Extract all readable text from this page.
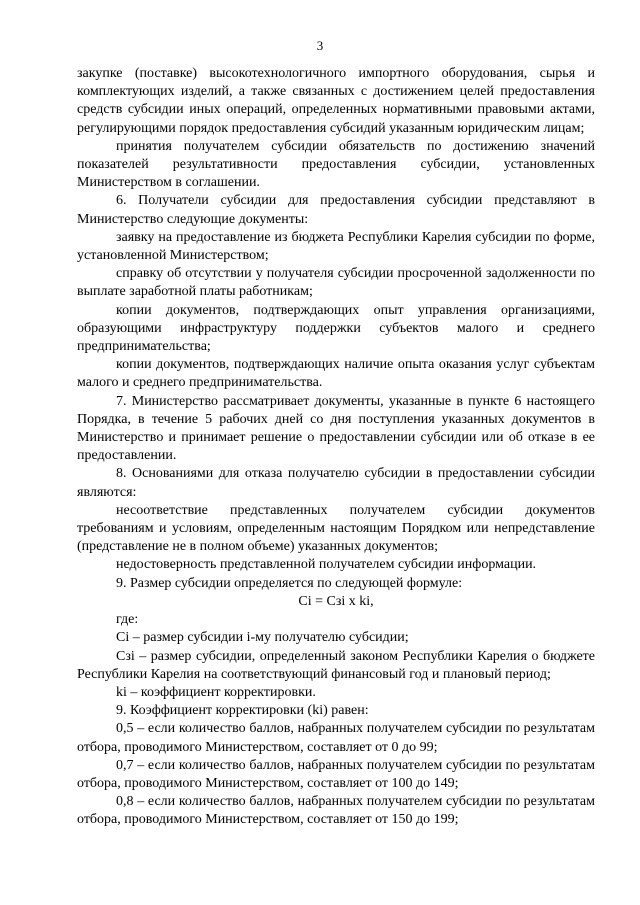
3

закупке (поставке) высокотехнологичного импортного оборудования, сырья и комплектующих изделий, а также связанных с достижением целей предоставления средств субсидии иных операций, определенных нормативными правовыми актами, регулирующими порядок предоставления субсидий указанным юридическим лицам;

принятия получателем субсидии обязательств по достижению значений показателей результативности предоставления субсидии, установленных Министерством в соглашении.

6. Получатели субсидии для предоставления субсидии представляют в Министерство следующие документы:

заявку на предоставление из бюджета Республики Карелия субсидии по форме, установленной Министерством;

справку об отсутствии у получателя субсидии просроченной задолженности по выплате заработной платы работникам;

копии документов, подтверждающих опыт управления организациями, образующими инфраструктуру поддержки субъектов малого и среднего предпринимательства;

копии документов, подтверждающих наличие опыта оказания услуг субъектам малого и среднего предпринимательства.

7. Министерство рассматривает документы, указанные в пункте 6 настоящего Порядка, в течение 5 рабочих дней со дня поступления указанных документов в Министерство и принимает решение о предоставлении субсидии или об отказе в ее предоставлении.

8. Основаниями для отказа получателю субсидии в предоставлении субсидии являются:

несоответствие представленных получателем субсидии документов требованиям и условиям, определенным настоящим Порядком или непредставление (представление не в полном объеме) указанных документов;

недостоверность представленной получателем субсидии информации.

9. Размер субсидии определяется по следующей формуле:

Ci = Cзi x ki,

где:

Ci – размер субсидии i-му получателю субсидии;

Cзi – размер субсидии, определенный законом Республики Карелия о бюджете Республики Карелия на соответствующий финансовый год и плановый период;

ki – коэффициент корректировки.

9. Коэффициент корректировки (ki) равен:

0,5 – если количество баллов, набранных получателем субсидии по результатам отбора, проводимого Министерством, составляет от 0 до 99;

0,7 – если количество баллов, набранных получателем субсидии по результатам отбора, проводимого Министерством, составляет от 100 до 149;

0,8 – если количество баллов, набранных получателем субсидии по результатам отбора, проводимого Министерством, составляет от 150 до 199;
